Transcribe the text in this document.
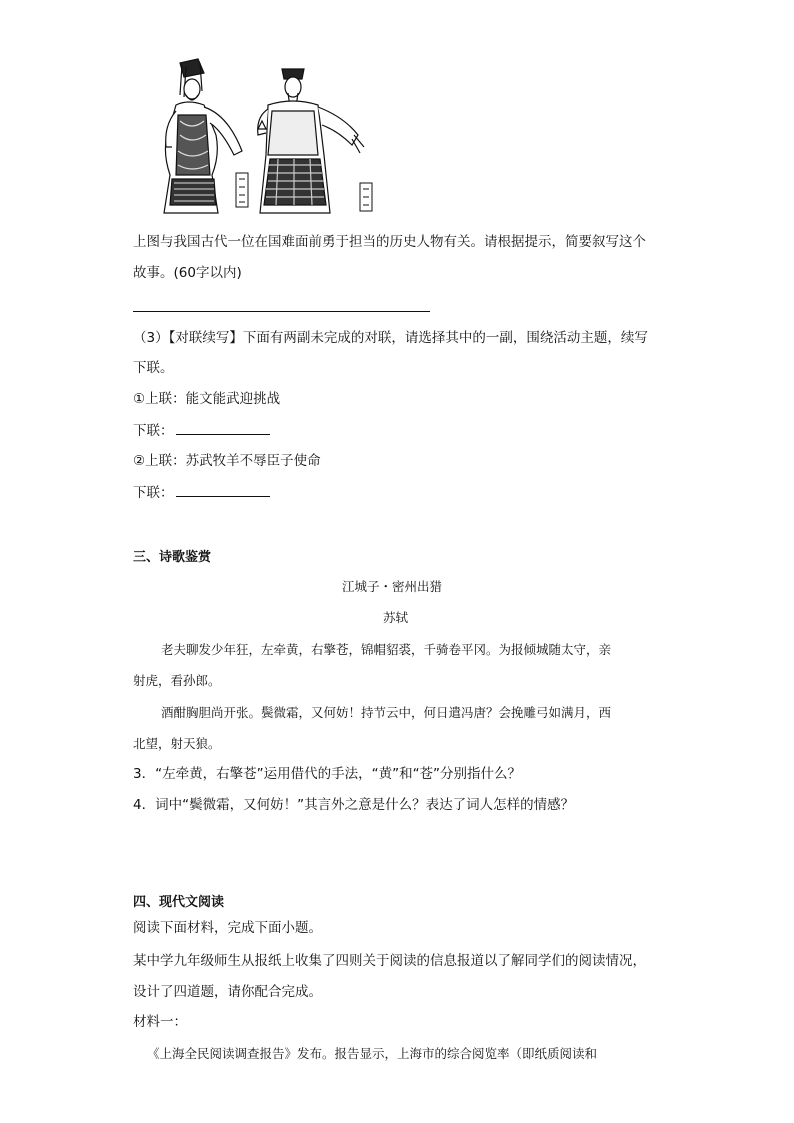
上图与我国古代一位在国难面前勇于担当的历史人物有关。请根据提示，简要叙写这个
故事。(60字以内)
（3）【对联续写】下面有两副未完成的对联，请选择其中的一副，围绕活动主题，续写
下联。
①上联：能文能武迎挑战
下联：
②上联：苏武牧羊不辱臣子使命
下联：
三、诗歌鉴赏
江城子・密州出猎
苏轼
老夫聊发少年狂，左牵黄，右擎苍，锦帽貂裘，千骑卷平冈。为报倾城随太守，亲
射虎，看孙郎。
酒酣胸胆尚开张。鬓微霜，又何妨！持节云中，何日遣冯唐？会挽雕弓如满月，西
北望，射天狼。
3．“左牵黄，右擎苍”运用借代的手法，“黄”和“苍”分别指什么？
4．词中“鬓微霜，又何妨！”其言外之意是什么？表达了词人怎样的情感？
四、现代文阅读
阅读下面材料，完成下面小题。
某中学九年级师生从报纸上收集了四则关于阅读的信息报道以了解同学们的阅读情况，
设计了四道题，请你配合完成。
材料一：
《上海全民阅读调查报告》发布。报告显示，上海市的综合阅览率（即纸质阅读和
